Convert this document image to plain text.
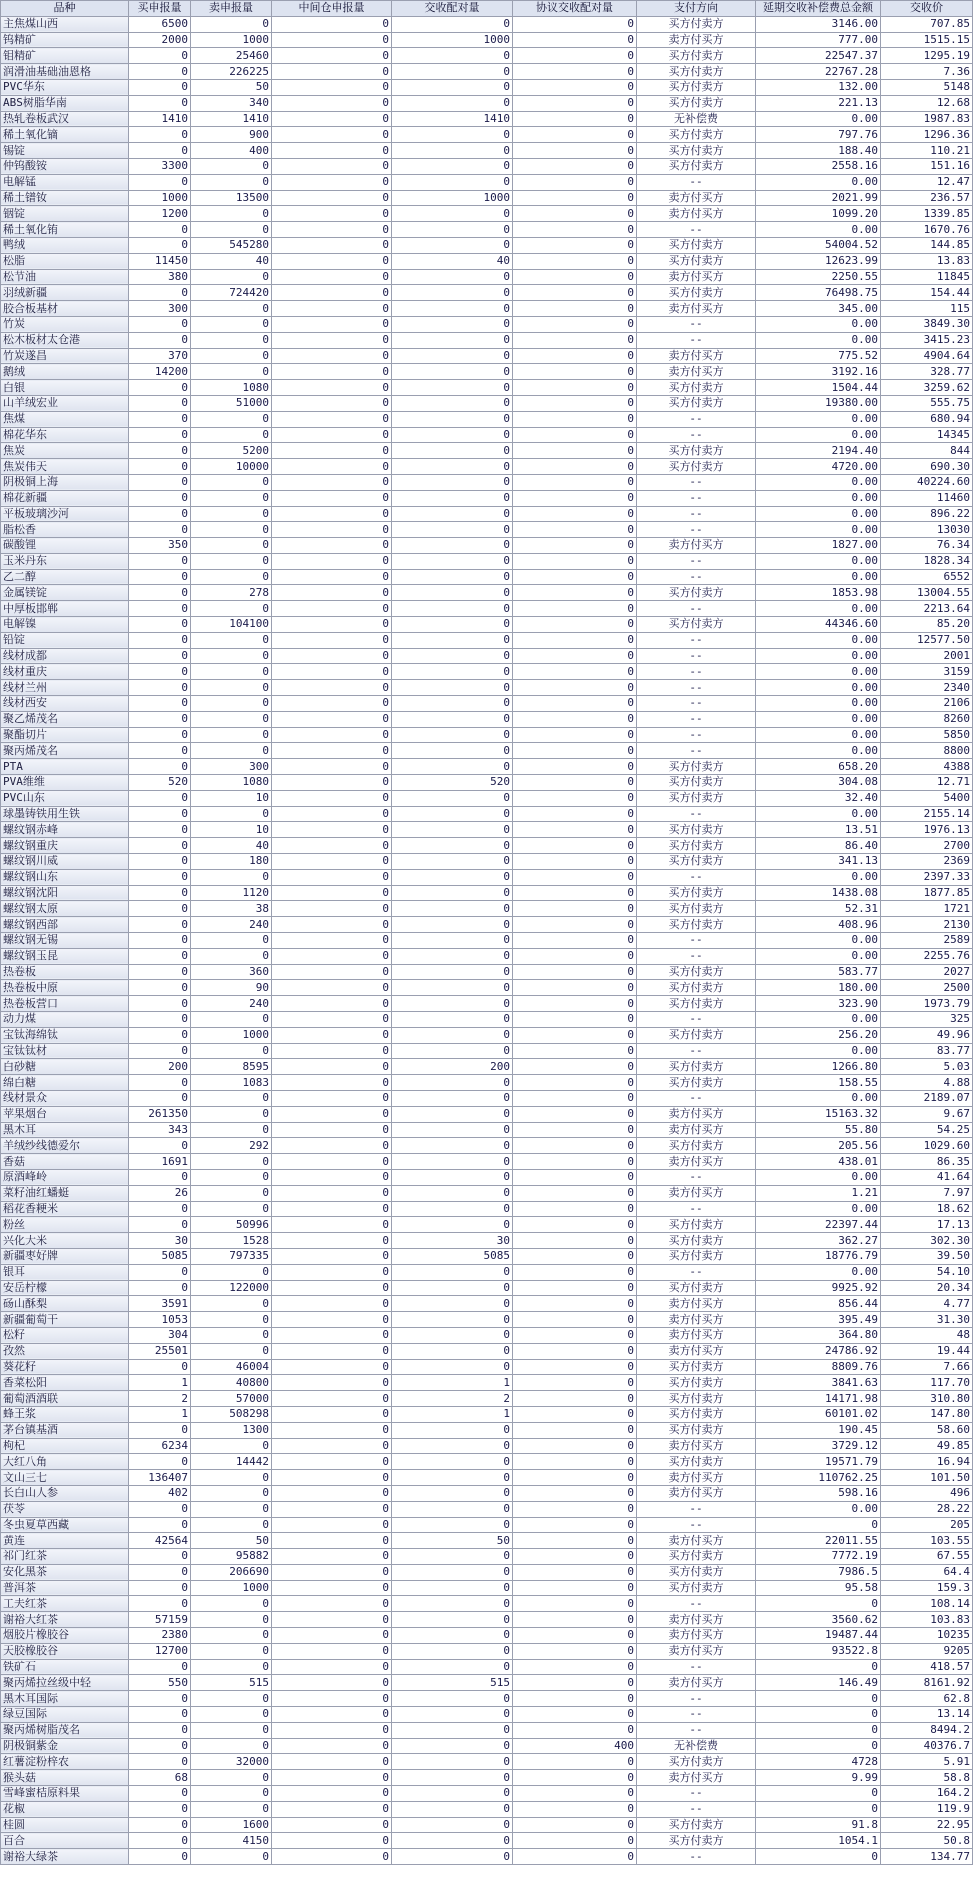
品种	买申报量	卖申报量	中间仓申报量	交收配对量	协议交收配对量	支付方向	延期交收补偿费总金额	交收价
主焦煤山西	6500	0	0	0	0	买方付卖方	3146.00	707.85
钨精矿	2000	1000	0	1000	0	卖方付买方	777.00	1515.15
钼精矿	0	25460	0	0	0	买方付卖方	22547.37	1295.19
润滑油基础油恩格	0	226225	0	0	0	买方付卖方	22767.28	7.36
PVC华东	0	50	0	0	0	买方付卖方	132.00	5148
ABS树脂华南	0	340	0	0	0	买方付卖方	221.13	12.68
热轧卷板武汉	1410	1410	0	1410	0	无补偿费	0.00	1987.83
稀土氧化镝	0	900	0	0	0	买方付卖方	797.76	1296.36
锡锭	0	400	0	0	0	买方付卖方	188.40	110.21
仲钨酸铵	3300	0	0	0	0	买方付卖方	2558.16	151.16
电解锰	0	0	0	0	0	--	0.00	12.47
稀土镨钕	1000	13500	0	1000	0	卖方付买方	2021.99	236.57
铟锭	1200	0	0	0	0	卖方付买方	1099.20	1339.85
稀土氧化铕	0	0	0	0	0	--	0.00	1670.76
鸭绒	0	545280	0	0	0	买方付卖方	54004.52	144.85
松脂	11450	40	0	40	0	买方付卖方	12623.99	13.83
松节油	380	0	0	0	0	卖方付买方	2250.55	11845
羽绒新疆	0	724420	0	0	0	买方付卖方	76498.75	154.44
胶合板基材	300	0	0	0	0	卖方付买方	345.00	115
竹炭	0	0	0	0	0	--	0.00	3849.30
松木板材太仓港	0	0	0	0	0	--	0.00	3415.23
竹炭遂昌	370	0	0	0	0	卖方付买方	775.52	4904.64
鹅绒	14200	0	0	0	0	卖方付买方	3192.16	328.77
白银	0	1080	0	0	0	买方付卖方	1504.44	3259.62
山羊绒宏业	0	51000	0	0	0	买方付卖方	19380.00	555.75
焦煤	0	0	0	0	0	--	0.00	680.94
棉花华东	0	0	0	0	0	--	0.00	14345
焦炭	0	5200	0	0	0	买方付卖方	2194.40	844
焦炭伟天	0	10000	0	0	0	买方付卖方	4720.00	690.30
阴极铜上海	0	0	0	0	0	--	0.00	40224.60
棉花新疆	0	0	0	0	0	--	0.00	11460
平板玻璃沙河	0	0	0	0	0	--	0.00	896.22
脂松香	0	0	0	0	0	--	0.00	13030
碳酸锂	350	0	0	0	0	卖方付买方	1827.00	76.34
玉米丹东	0	0	0	0	0	--	0.00	1828.34
乙二醇	0	0	0	0	0	--	0.00	6552
金属镁锭	0	278	0	0	0	买方付卖方	1853.98	13004.55
中厚板邯郸	0	0	0	0	0	--	0.00	2213.64
电解镍	0	104100	0	0	0	买方付卖方	44346.60	85.20
铅锭	0	0	0	0	0	--	0.00	12577.50
线材成都	0	0	0	0	0	--	0.00	2001
线材重庆	0	0	0	0	0	--	0.00	3159
线材兰州	0	0	0	0	0	--	0.00	2340
线材西安	0	0	0	0	0	--	0.00	2106
聚乙烯茂名	0	0	0	0	0	--	0.00	8260
聚酯切片	0	0	0	0	0	--	0.00	5850
聚丙烯茂名	0	0	0	0	0	--	0.00	8800
PTA	0	300	0	0	0	买方付卖方	658.20	4388
PVA维维	520	1080	0	520	0	买方付卖方	304.08	12.71
PVC山东	0	10	0	0	0	买方付卖方	32.40	5400
球墨铸铁用生铁	0	0	0	0	0	--	0.00	2155.14
螺纹钢赤峰	0	10	0	0	0	买方付卖方	13.51	1976.13
螺纹钢重庆	0	40	0	0	0	买方付卖方	86.40	2700
螺纹钢川威	0	180	0	0	0	买方付卖方	341.13	2369
螺纹钢山东	0	0	0	0	0	--	0.00	2397.33
螺纹钢沈阳	0	1120	0	0	0	买方付卖方	1438.08	1877.85
螺纹钢太原	0	38	0	0	0	买方付卖方	52.31	1721
螺纹钢西部	0	240	0	0	0	买方付卖方	408.96	2130
螺纹钢无锡	0	0	0	0	0	--	0.00	2589
螺纹钢玉昆	0	0	0	0	0	--	0.00	2255.76
热卷板	0	360	0	0	0	买方付卖方	583.77	2027
热卷板中原	0	90	0	0	0	买方付卖方	180.00	2500
热卷板营口	0	240	0	0	0	买方付卖方	323.90	1973.79
动力煤	0	0	0	0	0	--	0.00	325
宝钛海绵钛	0	1000	0	0	0	买方付卖方	256.20	49.96
宝钛钛材	0	0	0	0	0	--	0.00	83.77
白砂糖	200	8595	0	200	0	买方付卖方	1266.80	5.03
绵白糖	0	1083	0	0	0	买方付卖方	158.55	4.88
线材景众	0	0	0	0	0	--	0.00	2189.07
苹果烟台	261350	0	0	0	0	卖方付买方	15163.32	9.67
黑木耳	343	0	0	0	0	卖方付买方	55.80	54.25
羊绒纱线德爱尔	0	292	0	0	0	买方付卖方	205.56	1029.60
香菇	1691	0	0	0	0	卖方付买方	438.01	86.35
原酒峰岭	0	0	0	0	0	--	0.00	41.64
菜籽油红蟠蜓	26	0	0	0	0	卖方付买方	1.21	7.97
稻花香粳米	0	0	0	0	0	--	0.00	18.62
粉丝	0	50996	0	0	0	买方付卖方	22397.44	17.13
兴化大米	30	1528	0	30	0	买方付卖方	362.27	302.30
新疆枣好牌	5085	797335	0	5085	0	买方付卖方	18776.79	39.50
银耳	0	0	0	0	0	--	0.00	54.10
安岳柠檬	0	122000	0	0	0	买方付卖方	9925.92	20.34
砀山酥梨	3591	0	0	0	0	卖方付买方	856.44	4.77
新疆葡萄干	1053	0	0	0	0	卖方付买方	395.49	31.30
松籽	304	0	0	0	0	卖方付买方	364.80	48
孜然	25501	0	0	0	0	卖方付买方	24786.92	19.44
葵花籽	0	46004	0	0	0	买方付卖方	8809.76	7.66
香菜松阳	1	40800	0	1	0	买方付卖方	3841.63	117.70
葡萄酒酒联	2	57000	0	2	0	买方付卖方	14171.98	310.80
蜂王浆	1	508298	0	1	0	买方付卖方	60101.02	147.80
茅台镇基酒	0	1300	0	0	0	买方付卖方	190.45	58.60
枸杞	6234	0	0	0	0	卖方付买方	3729.12	49.85
大红八角	0	14442	0	0	0	买方付卖方	19571.79	16.94
文山三七	136407	0	0	0	0	卖方付买方	110762.25	101.50
长白山人参	402	0	0	0	0	卖方付买方	598.16	496
茯苓	0	0	0	0	0	--	0.00	28.22
冬虫夏草西藏	0	0	0	0	0	--	0	205
黄连	42564	50	0	50	0	卖方付买方	22011.55	103.55
祁门红茶	0	95882	0	0	0	买方付卖方	7772.19	67.55
安化黑茶	0	206690	0	0	0	买方付卖方	7986.5	64.4
普洱茶	0	1000	0	0	0	买方付卖方	95.58	159.3
工夫红茶	0	0	0	0	0	--	0	108.14
谢裕大红茶	57159	0	0	0	0	卖方付买方	3560.62	103.83
烟胶片橡胶谷	2380	0	0	0	0	卖方付买方	19487.44	10235
天胶橡胶谷	12700	0	0	0	0	卖方付买方	93522.8	9205
铁矿石	0	0	0	0	0	--	0	418.57
聚丙烯拉丝级中轻	550	515	0	515	0	卖方付买方	146.49	8161.92
黑木耳国际	0	0	0	0	0	--	0	62.8
绿豆国际	0	0	0	0	0	--	0	13.14
聚丙烯树脂茂名	0	0	0	0	0	--	0	8494.2
阴极铜紫金	0	0	0	0	400	无补偿费	0	40376.7
红薯淀粉梓农	0	32000	0	0	0	买方付卖方	4728	5.91
猴头菇	68	0	0	0	0	卖方付买方	9.99	58.8
雪峰蜜桔原料果	0	0	0	0	0	--	0	164.2
花椒	0	0	0	0	0	--	0	119.9
桂圆	0	1600	0	0	0	买方付卖方	91.8	22.95
百合	0	4150	0	0	0	买方付卖方	1054.1	50.8
谢裕大绿茶	0	0	0	0	0	--	0	134.77
